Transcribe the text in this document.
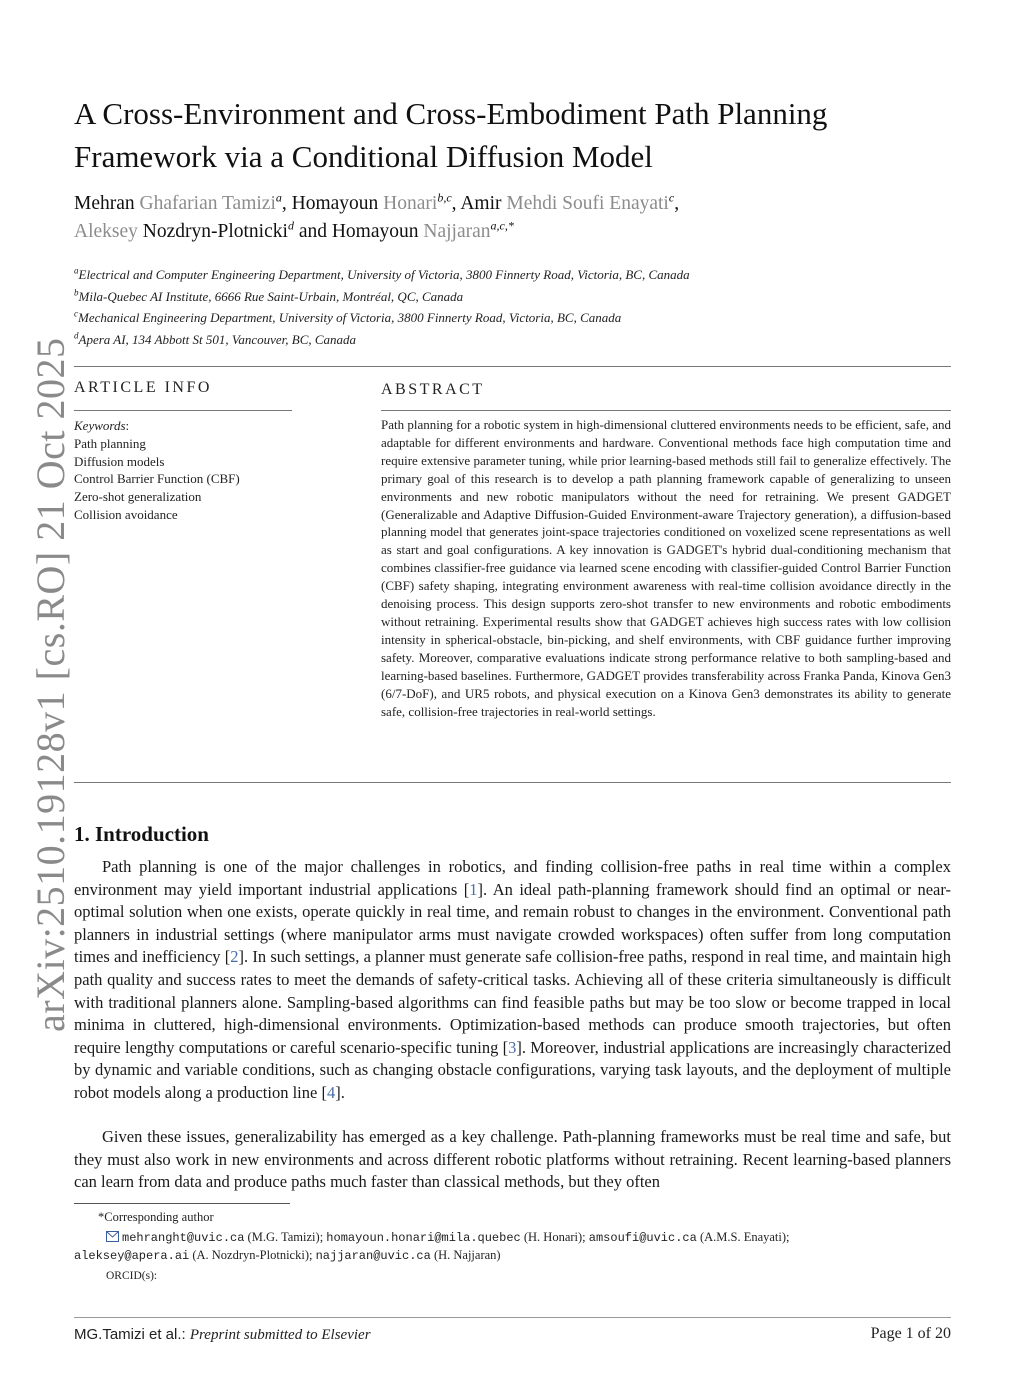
arXiv:2510.19128v1 [cs.RO] 21 Oct 2025
A Cross-Environment and Cross-Embodiment Path Planning
Framework via a Conditional Diffusion Model
Mehran Ghafarian Tamizi$^a$, Homayoun Honari$^{b,c}$, Amir Mehdi Soufi Enayati$^c$,
Aleksey Nozdryn-Plotnicki$^d$ and Homayoun Najjaran$^{a,c,*}$
$^a$Electrical and Computer Engineering Department, University of Victoria, 3800 Finnerty Road, Victoria, BC, Canada
$^b$Mila-Quebec AI Institute, 6666 Rue Saint-Urbain, Montréal, QC, Canada
$^c$Mechanical Engineering Department, University of Victoria, 3800 Finnerty Road, Victoria, BC, Canada
$^d$Apera AI, 134 Abbott St 501, Vancouver, BC, Canada
ARTICLE INFO	ABSTRACT
Keywords:
Path planning
Diffusion models
Control Barrier Function (CBF)
Zero-shot generalization
Collision avoidance
Path planning for a robotic system in high-dimensional cluttered environments needs to be efficient, safe, and adaptable for different environments and hardware. Conventional methods face high computation time and require extensive parameter tuning, while prior learning-based methods still fail to generalize effectively. The primary goal of this research is to develop a path planning framework capable of generalizing to unseen environments and new robotic manipulators without the need for retraining. We present GADGET (Generalizable and Adaptive Diffusion-Guided Environment-aware Trajectory generation), a diffusion-based planning model that generates joint-space trajectories conditioned on voxelized scene representations as well as start and goal configurations. A key innovation is GADGET's hybrid dual-conditioning mechanism that combines classifier-free guidance via learned scene encoding with classifier-guided Control Barrier Function (CBF) safety shaping, integrating environment awareness with real-time collision avoidance directly in the denoising process. This design supports zero-shot transfer to new environments and robotic embodiments without retraining. Experimental results show that GADGET achieves high success rates with low collision intensity in spherical-obstacle, bin-picking, and shelf environments, with CBF guidance further improving safety. Moreover, comparative evaluations indicate strong performance relative to both sampling-based and learning-based baselines. Furthermore, GADGET provides transferability across Franka Panda, Kinova Gen3 (6/7-DoF), and UR5 robots, and physical execution on a Kinova Gen3 demonstrates its ability to generate safe, collision-free trajectories in real-world settings.
1. Introduction
Path planning is one of the major challenges in robotics, and finding collision-free paths in real time within a complex environment may yield important industrial applications [1]. An ideal path-planning framework should find an optimal or near-optimal solution when one exists, operate quickly in real time, and remain robust to changes in the environment. Conventional path planners in industrial settings (where manipulator arms must navigate crowded workspaces) often suffer from long computation times and inefficiency [2]. In such settings, a planner must generate safe collision-free paths, respond in real time, and maintain high path quality and success rates to meet the demands of safety-critical tasks. Achieving all of these criteria simultaneously is difficult with traditional planners alone. Sampling-based algorithms can find feasible paths but may be too slow or become trapped in local minima in cluttered, high-dimensional environments. Optimization-based methods can produce smooth trajectories, but often require lengthy computations or careful scenario-specific tuning [3]. Moreover, industrial applications are increasingly characterized by dynamic and variable conditions, such as changing obstacle configurations, varying task layouts, and the deployment of multiple robot models along a production line [4].
Given these issues, generalizability has emerged as a key challenge. Path-planning frameworks must be real time and safe, but they must also work in new environments and across different robotic platforms without retraining. Recent learning-based planners can learn from data and produce paths much faster than classical methods, but they often
*Corresponding author
mehranght@uvic.ca (M.G. Tamizi); homayoun.honari@mila.quebec (H. Honari); amsoufi@uvic.ca (A.M.S. Enayati);
aleksey@apera.ai (A. Nozdryn-Plotnicki); najjaran@uvic.ca (H. Najjaran)
ORCID(s):
MG.Tamizi et al.: Preprint submitted to Elsevier	Page 1 of 20
